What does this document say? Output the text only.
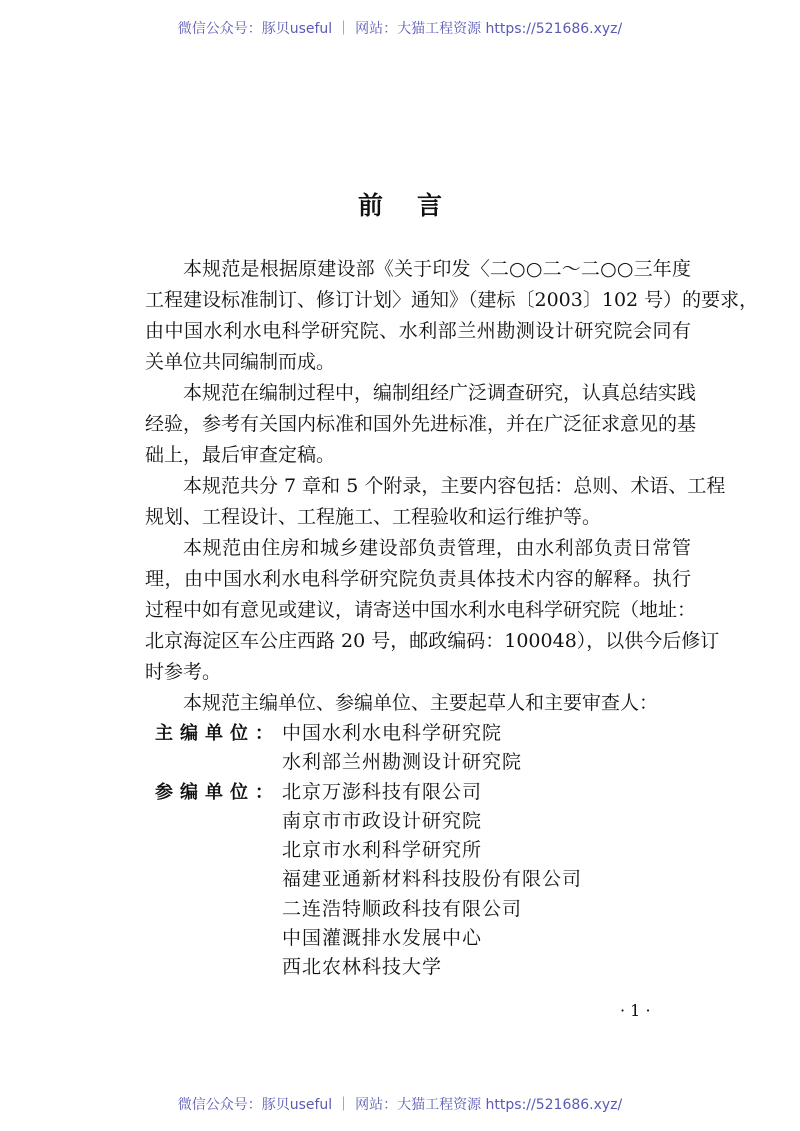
微信公众号：豚贝useful ｜ 网站：大猫工程资源 https://521686.xyz/
前言
本规范是根据原建设部《关于印发〈二○○二～二○○三年度
工程建设标准制订、修订计划〉通知》（建标〔2003〕102 号）的要求，
由中国水利水电科学研究院、水利部兰州勘测设计研究院会同有
关单位共同编制而成。
本规范在编制过程中，编制组经广泛调查研究，认真总结实践
经验，参考有关国内标准和国外先进标准，并在广泛征求意见的基
础上，最后审查定稿。
本规范共分 7 章和 5 个附录，主要内容包括：总则、术语、工程
规划、工程设计、工程施工、工程验收和运行维护等。
本规范由住房和城乡建设部负责管理，由水利部负责日常管
理，由中国水利水电科学研究院负责具体技术内容的解释。执行
过程中如有意见或建议，请寄送中国水利水电科学研究院（地址：
北京海淀区车公庄西路 20 号，邮政编码：100048），以供今后修订
时参考。
本规范主编单位、参编单位、主要起草人和主要审查人：
主编单位： 中国水利水电科学研究院
水利部兰州勘测设计研究院
参编单位： 北京万澎科技有限公司
南京市市政设计研究院
北京市水利科学研究所
福建亚通新材料科技股份有限公司
二连浩特顺政科技有限公司
中国灌溉排水发展中心
西北农林科技大学
· 1 ·
微信公众号：豚贝useful ｜ 网站：大猫工程资源 https://521686.xyz/
